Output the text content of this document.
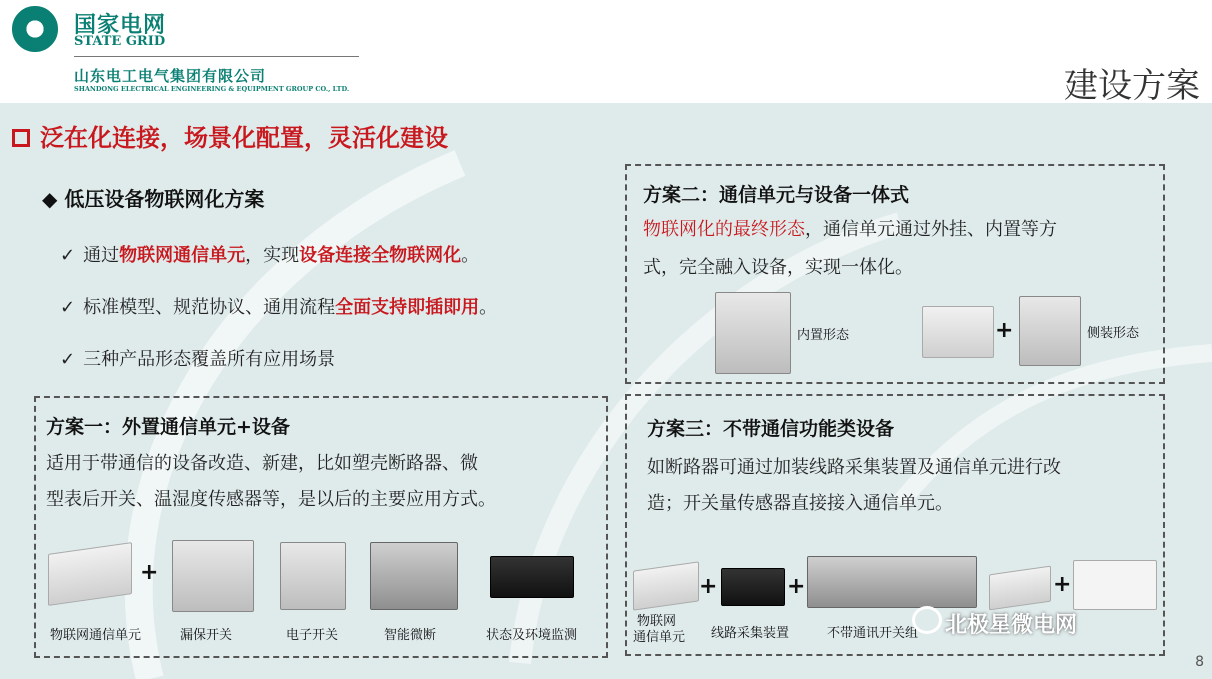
国家电网
STATE GRID
山东电工电气集团有限公司
SHANDONG ELECTRICAL ENGINEERING & EQUIPMENT GROUP CO., LTD.	建设方案
泛在化连接，场景化配置，灵活化建设
◆ 低压设备物联网化方案
✓ 通过物联网通信单元，实现设备连接全物联网化。
✓ 标准模型、规范协议、通用流程全面支持即插即用。
✓ 三种产品形态覆盖所有应用场景
方案一：外置通信单元+设备
适用于带通信的设备改造、新建，比如塑壳断路器、微
型表后开关、温湿度传感器等，是以后的主要应用方式。
+
物联网通信单元	漏保开关	电子开关	智能微断	状态及环境监测
方案二：通信单元与设备一体式
物联网化的最终形态，通信单元通过外挂、内置等方
式，完全融入设备，实现一体化。
内置形态	+	侧装形态
方案三：不带通信功能类设备
如断路器可通过加装线路采集装置及通信单元进行改
造；开关量传感器直接接入通信单元。
+	+	+
物联网
通信单元 线路采集装置	不带通讯开关组 北极星微电网
8
